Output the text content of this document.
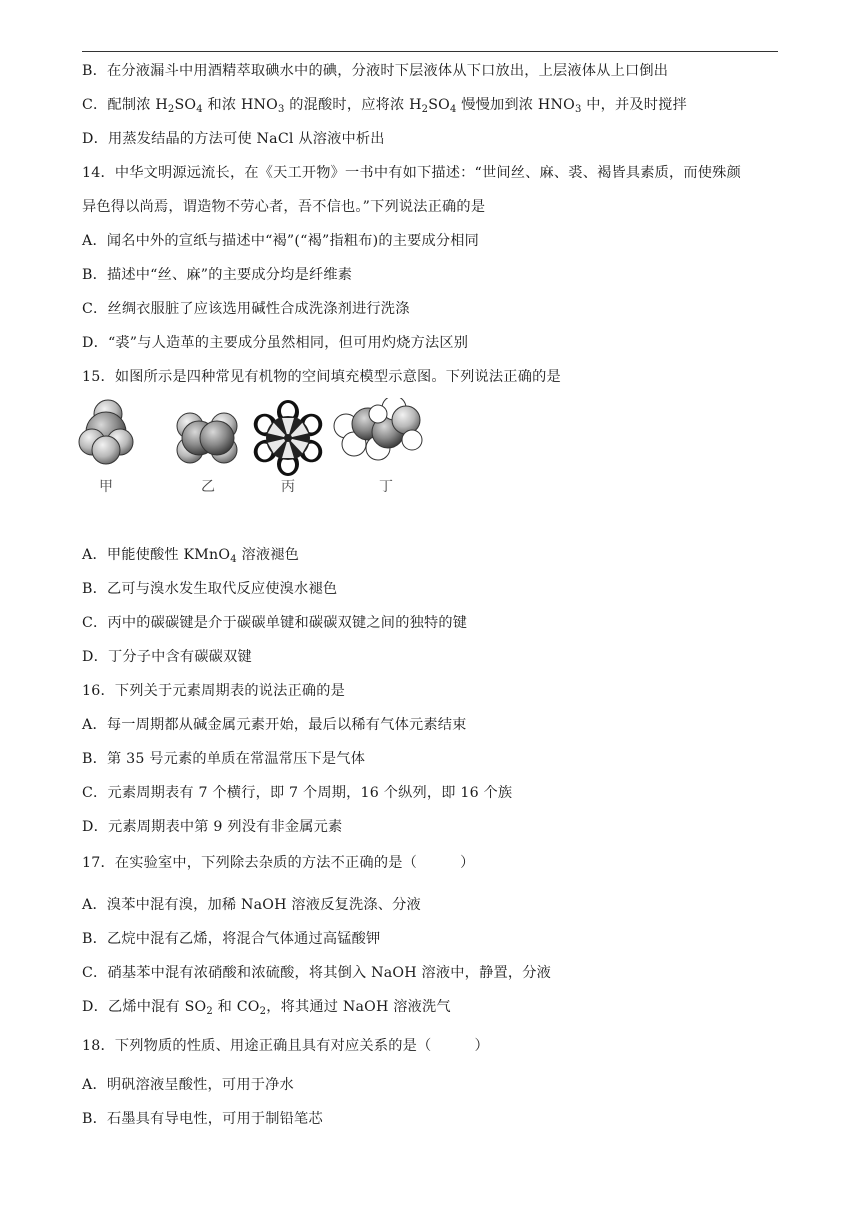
B．在分液漏斗中用酒精萃取碘水中的碘，分液时下层液体从下口放出，上层液体从上口倒出
C．配制浓 $H_2SO_4$ 和浓 $HNO_3$ 的混酸时，应将浓 $H_2SO_4$ 慢慢加到浓 $HNO_3$ 中，并及时搅拌
D．用蒸发结晶的方法可使 NaCl 从溶液中析出
14．中华文明源远流长，在《天工开物》一书中有如下描述：“世间丝、麻、裘、褐皆具素质，而使殊颜
异色得以尚焉，谓造物不劳心者，吾不信也。”下列说法正确的是
A．闻名中外的宣纸与描述中“褐”(“褐”指粗布)的主要成分相同
B．描述中“丝、麻”的主要成分均是纤维素
C．丝绸衣服脏了应该选用碱性合成洗涤剂进行洗涤
D．“裘”与人造革的主要成分虽然相同，但可用灼烧方法区别
15．如图所示是四种常见有机物的空间填充模型示意图。下列说法正确的是
甲	乙	丙	丁
A．甲能使酸性 KMnO$_4$ 溶液褪色
B．乙可与溴水发生取代反应使溴水褪色
C．丙中的碳碳键是介于碳碳单键和碳碳双键之间的独特的键
D．丁分子中含有碳碳双键
16．下列关于元素周期表的说法正确的是
A．每一周期都从碱金属元素开始，最后以稀有气体元素结束
B．第 35 号元素的单质在常温常压下是气体
C．元素周期表有 7 个横行，即 7 个周期，16 个纵列，即 16 个族
D．元素周期表中第 9 列没有非金属元素
17．在实验室中，下列除去杂质的方法不正确的是（　　　）
A．溴苯中混有溴，加稀 NaOH 溶液反复洗涤、分液
B．乙烷中混有乙烯，将混合气体通过高锰酸钾
C．硝基苯中混有浓硝酸和浓硫酸，将其倒入 NaOH 溶液中，静置，分液
D．乙烯中混有 $SO_2$ 和 $CO_2$，将其通过 NaOH 溶液洗气
18．下列物质的性质、用途正确且具有对应关系的是（　　　）
A．明矾溶液呈酸性，可用于净水
B．石墨具有导电性，可用于制铅笔芯
